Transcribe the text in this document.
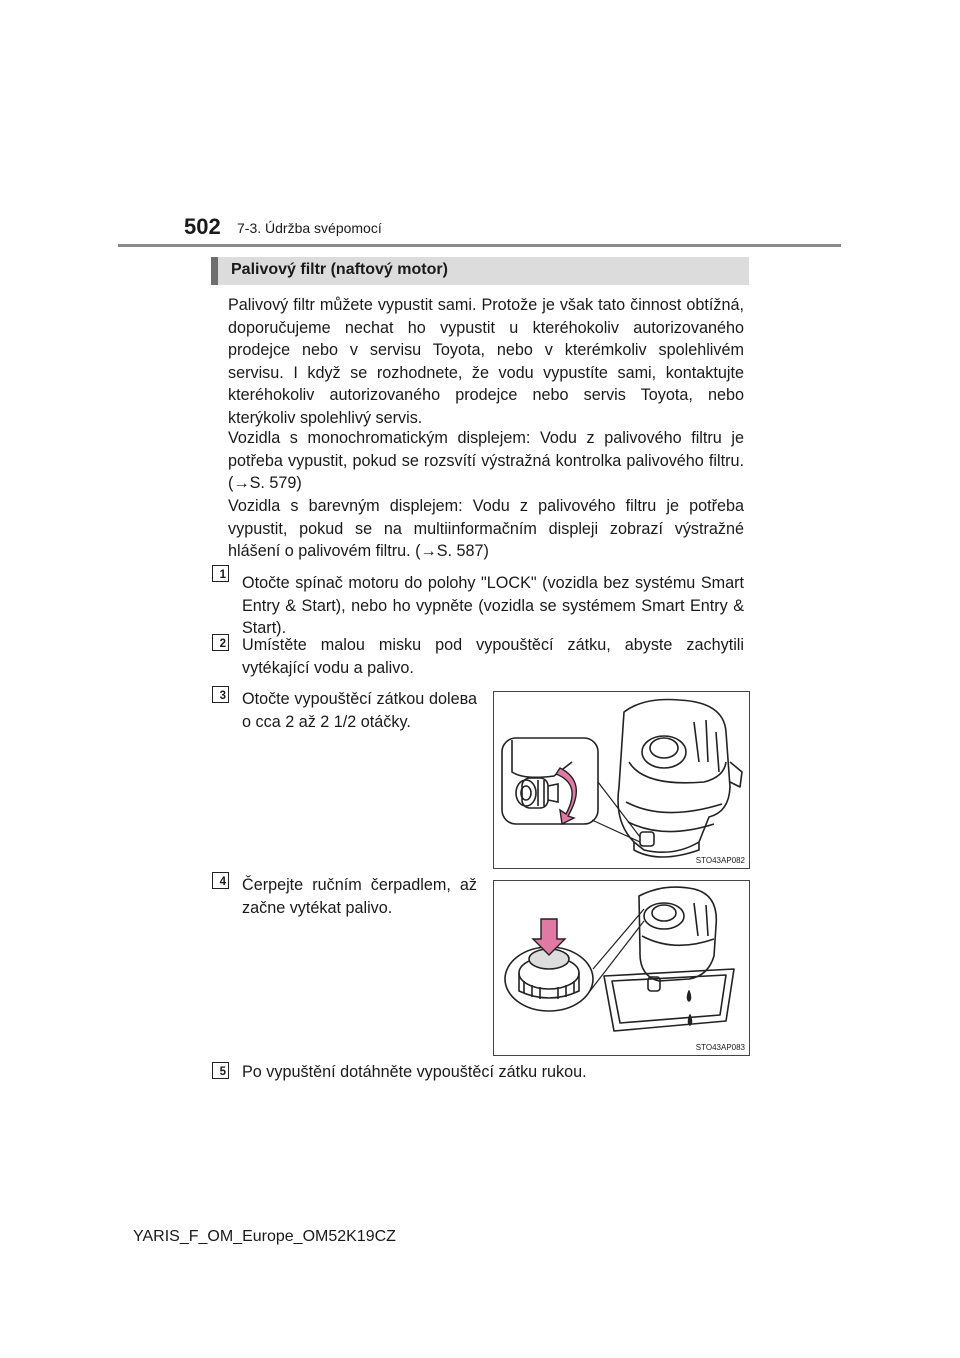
502 7-3. Údržba svépomocí
Palivový filtr (naftový motor)

Palivový filtr můžete vypustit sami. Protože je však tato činnost obtížná, doporučujeme nechat ho vypustit u kteréhokoliv autorizovaného prodejce nebo v servisu Toyota, nebo v kterémkoliv spolehlivém servisu. I když se rozhodnete, že vodu vypustíte sami, kontaktujte kteréhokoliv autorizovaného prodejce nebo servis Toyota, nebo kterýkoliv spolehlivý servis.

Vozidla s monochromatickým displejem: Vodu z palivového filtru je potřeba vypustit, pokud se rozsvítí výstražná kontrolka palivového filtru. (→S. 579)

Vozidla s barevným displejem: Vodu z palivového filtru je potřeba vypustit, pokud se na multiinformačním displeji zobrazí výstražné hlášení o palivovém filtru. (→S. 587)

1 Otočte spínač motoru do polohy "LOCK" (vozidla bez systému Smart Entry & Start), nebo ho vypněte (vozidla se systémem Smart Entry & Start).

2 Umístěte malou misku pod vypouštěcí zátku, abyste zachytili vytékající vodu a palivo.

3 Otočte vypouštěcí zátkou dolева o cca 2 až 2 1/2 otáčky.

STO43AP082
4 Čerpejte ručním čerpadlem, až začne vytékat palivo.

STO43AP083
5 Po vypuštění dotáhněte vypouštěcí zátku rukou.

YARIS_F_OM_Europe_OM52K19CZ
